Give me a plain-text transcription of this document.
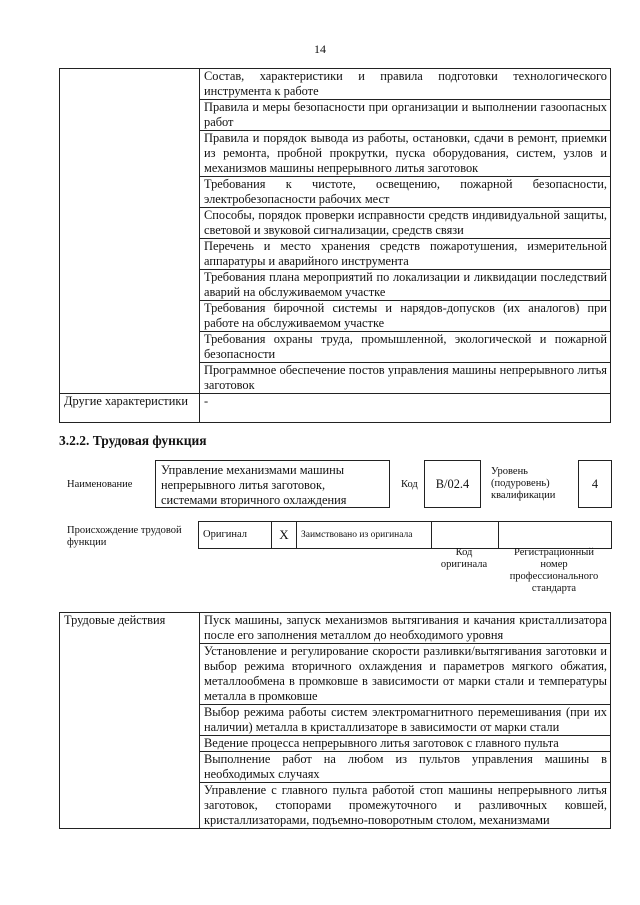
14
	Состав, характеристики и правила подготовки технологического инструмента к работе
	Правила и меры безопасности при организации и выполнении газоопасных работ
	Правила и порядок вывода из работы, остановки, сдачи в ремонт, приемки из ремонта, пробной прокрутки, пуска оборудования, систем, узлов и механизмов машины непрерывного литья заготовок
	Требования к чистоте, освещению, пожарной безопасности, электробезопасности рабочих мест
	Способы, порядок проверки исправности средств индивидуальной защиты, световой и звуковой сигнализации, средств связи
	Перечень и место хранения средств пожаротушения, измерительной аппаратуры и аварийного инструмента
	Требования плана мероприятий по локализации и ликвидации последствий аварий на обслуживаемом участке
	Требования бирочной системы и нарядов-допусков (их аналогов) при работе на обслуживаемом участке
	Требования охраны труда, промышленной, экологической и пожарной безопасности
	Программное обеспечение постов управления машины непрерывного литья заготовок
Другие характеристики	-
3.2.2. Трудовая функция
Наименование
Управление механизмами машины непрерывного литья заготовок, системами вторичного охлаждения
Код	В/02.4
Уровень (подуровень) квалификации
4
Происхождение трудовой функции
Оригинал	X	Заимствовано из оригинала		
Код оригинала
Регистрационный номер профессионального стандарта
Трудовые действия	Пуск машины, запуск механизмов вытягивания и качания кристаллизатора после его заполнения металлом до необходимого уровня
Установление и регулирование скорости разливки/вытягивания заготовки и выбор режима вторичного охлаждения и параметров мягкого обжатия, металлообмена в промковше в зависимости от марки стали и температуры металла в промковше
Выбор режима работы систем электромагнитного перемешивания (при их наличии) металла в кристаллизаторе в зависимости от марки стали
Ведение процесса непрерывного литья заготовок с главного пульта
Выполнение работ на любом из пультов управления машины в необходимых случаях
Управление с главного пульта работой стоп машины непрерывного литья заготовок, стопорами промежуточного и разливочных ковшей, кристаллизаторами, подъемно-поворотным столом, механизмами
